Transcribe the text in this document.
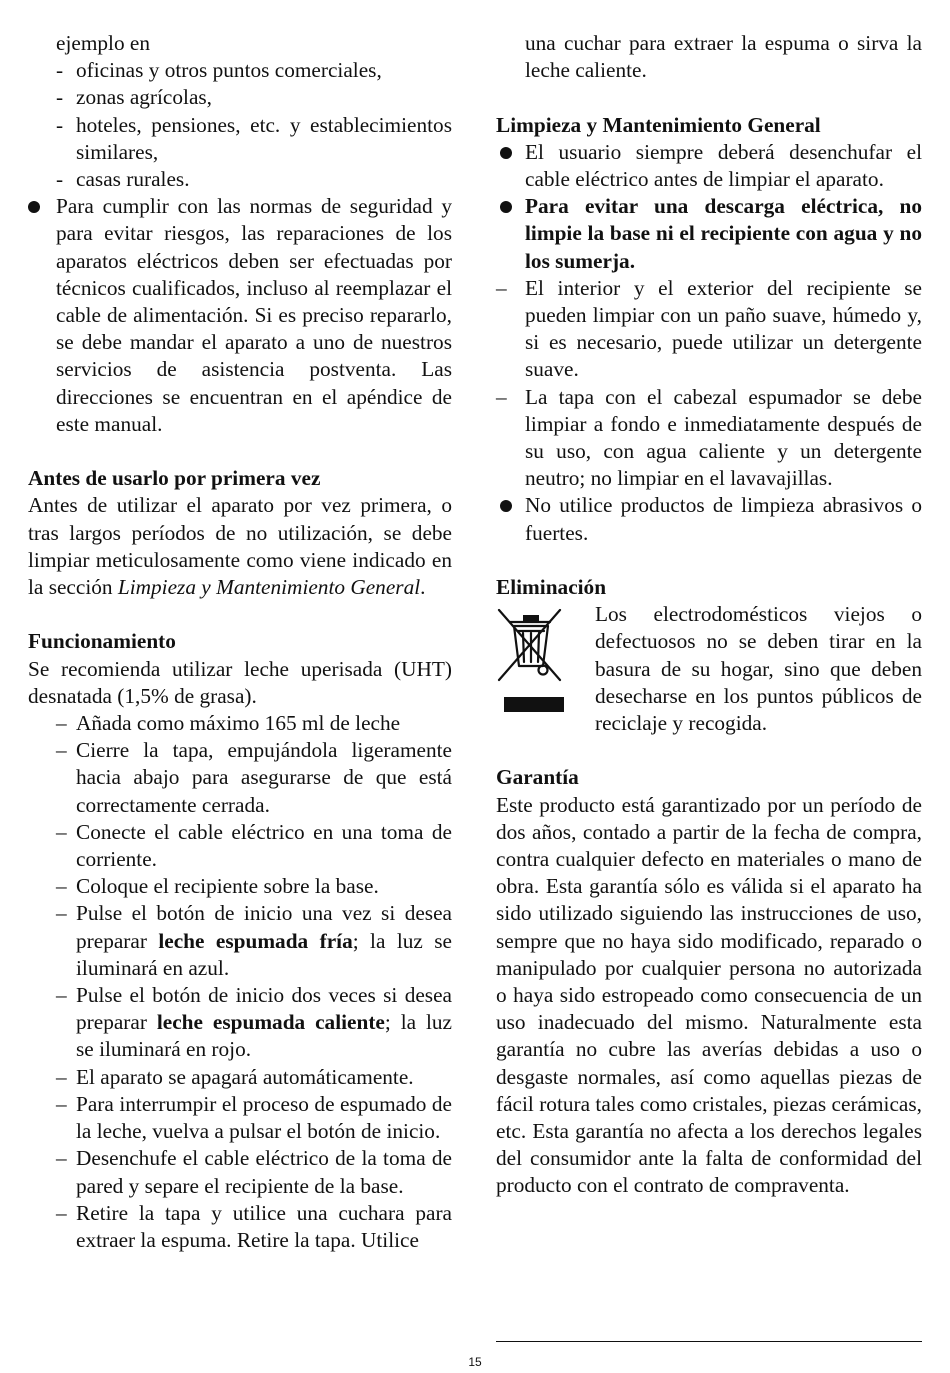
ejemplo en

- oficinas y otros puntos comerciales,
- zonas agrícolas,
- hoteles, pensiones, etc. y establecimientos similares,
- casas rurales.
Para cumplir con las normas de seguridad y para evitar riesgos, las reparaciones de los aparatos eléctricos deben ser efectuadas por técnicos cualificados, incluso al reemplazar el cable de alimentación. Si es preciso repararlo, se debe mandar el aparato a uno de nuestros servicios de asistencia postventa. Las direcciones se encuentran en el apéndice de este manual.

Antes de usarlo por primera vez

Antes de utilizar el aparato por vez primera, o tras largos períodos de no utilización, se debe limpiar meticulosamente como viene indicado en la sección Limpieza y Mantenimiento General.

Funcionamiento

Se recomienda utilizar leche uperisada (UHT) desnatada (1,5% de grasa).

– Añada como máximo 165 ml de leche
– Cierre la tapa, empujándola ligeramente hacia abajo para asegurarse de que está correctamente cerrada.
– Conecte el cable eléctrico en una toma de corriente.
– Coloque el recipiente sobre la base.
– Pulse el botón de inicio una vez si desea preparar leche espumada fría; la luz se iluminará en azul.
– Pulse el botón de inicio dos veces si desea preparar leche espumada caliente; la luz se iluminará en rojo.
– El aparato se apagará automáticamente.
– Para interrumpir el proceso de espumado de la leche, vuelva a pulsar el botón de inicio.
– Desenchufe el cable eléctrico de la toma de pared y separe el recipiente de la base.
– Retire la tapa y utilice una cuchara para extraer la espuma. Retire la tapa. Utilice

una cuchar para extraer la espuma o sirva la leche caliente.

Limpieza y Mantenimiento General

El usuario siempre deberá desenchufar el cable eléctrico antes de limpiar el aparato.
Para evitar una descarga eléctrica, no limpie la base ni el recipiente con agua y no los sumerja.
– El interior y el exterior del recipiente se pueden limpiar con un paño suave, húmedo y, si es necesario, puede utilizar un detergente suave.
– La tapa con el cabezal espumador se debe limpiar a fondo e inmediatamente después de su uso, con agua caliente y un detergente neutro; no limpiar en el lavavajillas.
No utilice productos de limpieza abrasivos o fuertes.

Eliminación

Los electrodomésticos viejos o defectuosos no se deben tirar en la basura de su hogar, sino que deben desecharse en los puntos públicos de reciclaje y recogida.

Garantía

Este producto está garantizado por un período de dos años, contado a partir de la fecha de compra, contra cualquier defecto en materiales o mano de obra. Esta garantía sólo es válida si el aparato ha sido utilizado siguiendo las instrucciones de uso, sempre que no haya sido modificado, reparado o manipulado por cualquier persona no autorizada o haya sido estropeado como consecuencia de un uso inadecuado del mismo. Naturalmente esta garantía no cubre las averías debidas a uso o desgaste normales, así como aquellas piezas de fácil rotura tales como cristales, piezas cerámicas, etc. Esta garantía no afecta a los derechos legales del consumidor ante la falta de conformidad del producto con el contrato de compraventa.

15
